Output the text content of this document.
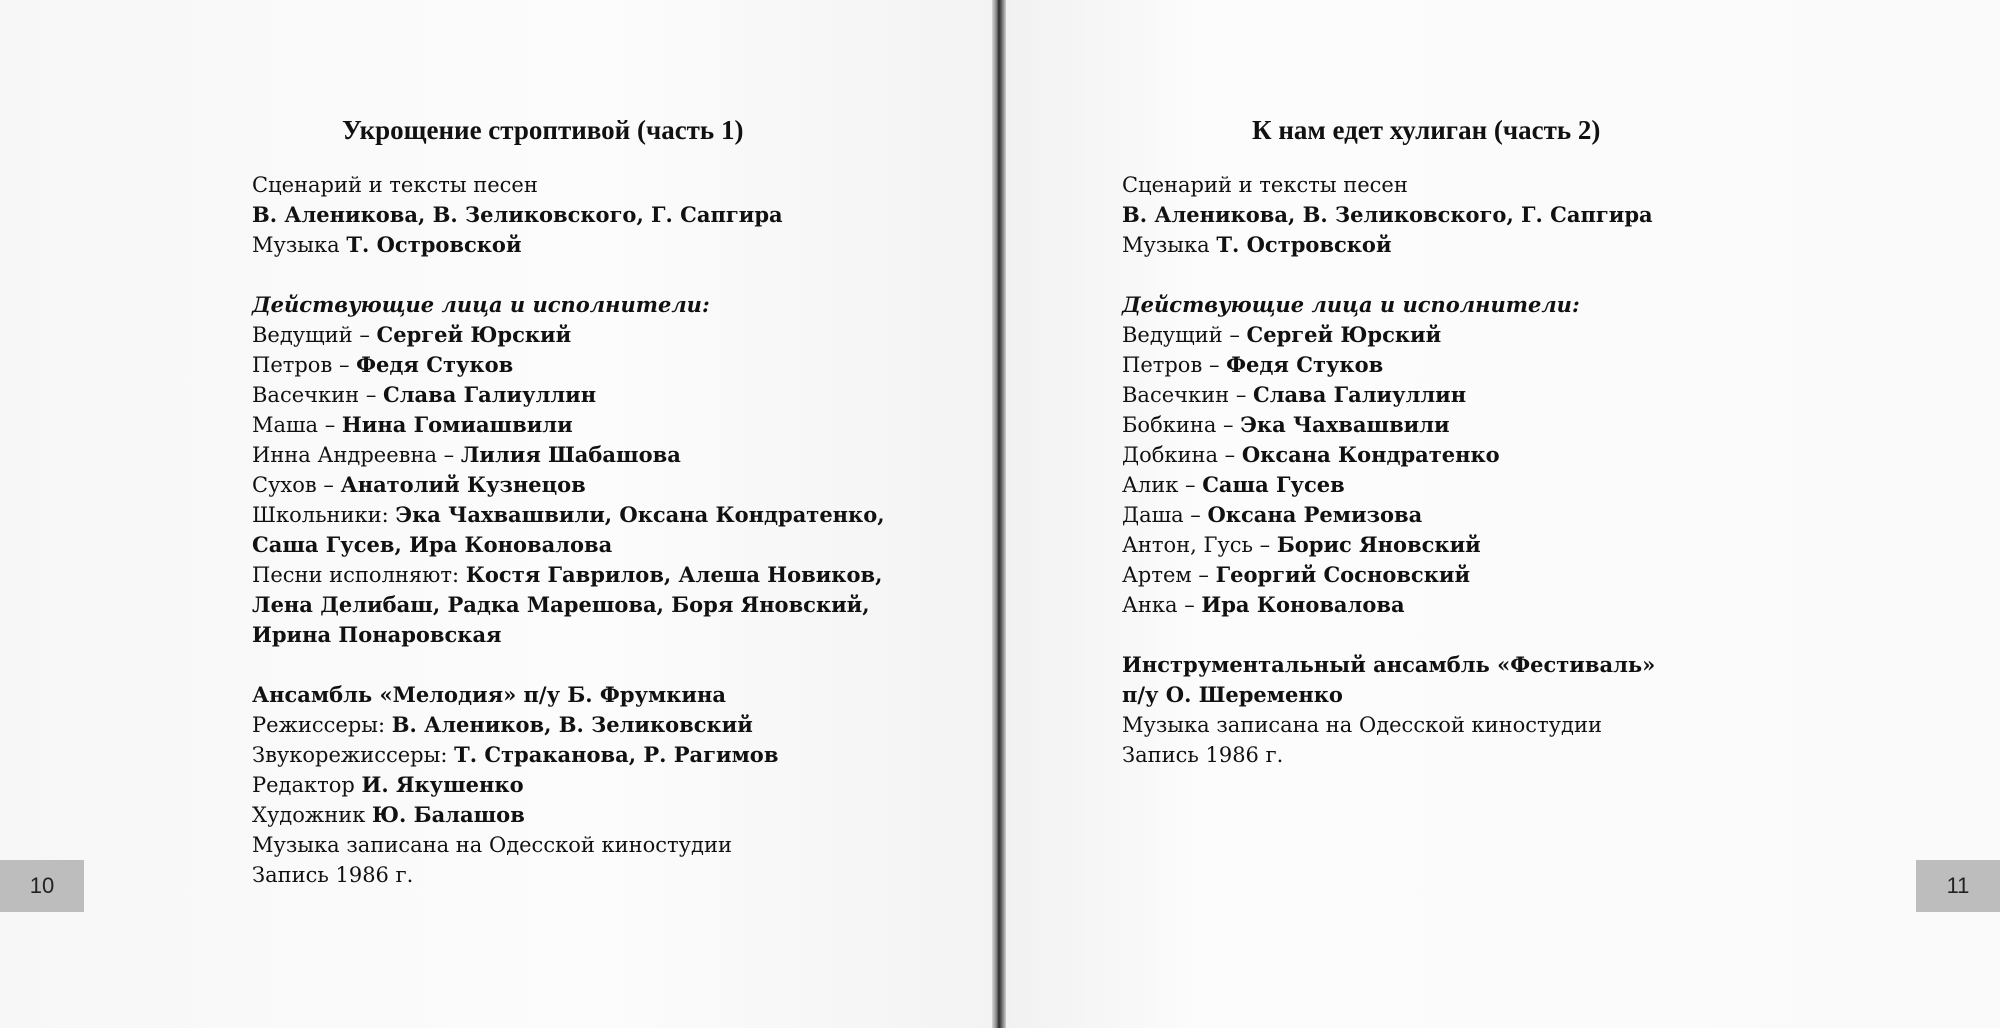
Укрощение строптивой (часть 1)

Сценарий и тексты песен

В. Аленикова, В. Зеликовского, Г. Сапгира

Музыка Т. Островской

Действующие лица и исполнители:

Ведущий – Сергей Юрский

Петров – Федя Стуков

Васечкин – Слава Галиуллин

Маша – Нина Гомиашвили

Инна Андреевна – Лилия Шабашова

Сухов – Анатолий Кузнецов

Школьники: Эка Чахвашвили, Оксана Кондратенко, Саша Гусев, Ира Коновалова

Песни исполняют: Костя Гаврилов, Алеша Новиков, Лена Делибаш, Радка Марешова, Боря Яновский, Ирина Понаровская

Ансамбль «Мелодия» п/у Б. Фрумкина

Режиссеры: В. Алеников, В. Зеликовский

Звукорежиссеры: Т. Страканова, Р. Рагимов

Редактор И. Якушенко

Художник Ю. Балашов

Музыка записана на Одесской киностудии

Запись 1986 г.

К нам едет хулиган (часть 2)

Сценарий и тексты песен

В. Аленикова, В. Зеликовского, Г. Сапгира

Музыка Т. Островской

Действующие лица и исполнители:

Ведущий – Сергей Юрский

Петров – Федя Стуков

Васечкин – Слава Галиуллин

Бобкина – Эка Чахвашвили

Добкина – Оксана Кондратенко

Алик – Саша Гусев

Даша – Оксана Ремизова

Антон, Гусь – Борис Яновский

Артем – Георгий Сосновский

Анка – Ира Коновалова

Инструментальный ансамбль «Фестиваль»

п/у О. Шеременко

Музыка записана на Одесской киностудии

Запись 1986 г.

10	11
